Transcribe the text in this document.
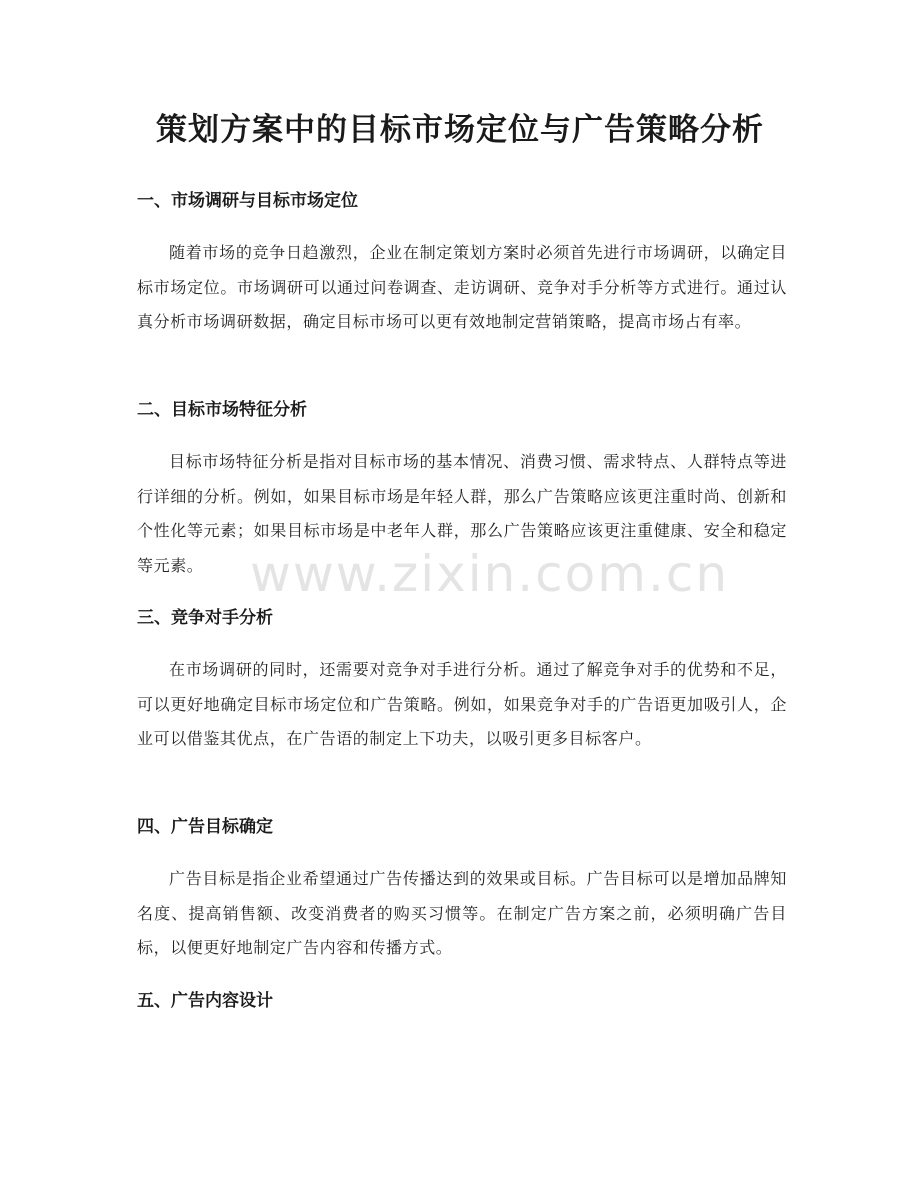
策划方案中的目标市场定位与广告策略分析
一、市场调研与目标市场定位

随着市场的竞争日趋激烈，企业在制定策划方案时必须首先进行市场调研，以确定目标市场定位。市场调研可以通过问卷调查、走访调研、竞争对手分析等方式进行。通过认真分析市场调研数据，确定目标市场可以更有效地制定营销策略，提高市场占有率。

二、目标市场特征分析

目标市场特征分析是指对目标市场的基本情况、消费习惯、需求特点、人群特点等进行详细的分析。例如，如果目标市场是年轻人群，那么广告策略应该更注重时尚、创新和个性化等元素；如果目标市场是中老年人群，那么广告策略应该更注重健康、安全和稳定等元素。

三、竞争对手分析

在市场调研的同时，还需要对竞争对手进行分析。通过了解竞争对手的优势和不足，可以更好地确定目标市场定位和广告策略。例如，如果竞争对手的广告语更加吸引人，企业可以借鉴其优点，在广告语的制定上下功夫，以吸引更多目标客户。

四、广告目标确定

广告目标是指企业希望通过广告传播达到的效果或目标。广告目标可以是增加品牌知名度、提高销售额、改变消费者的购买习惯等。在制定广告方案之前，必须明确广告目标，以便更好地制定广告内容和传播方式。

五、广告内容设计
www.zixin.com.cn
